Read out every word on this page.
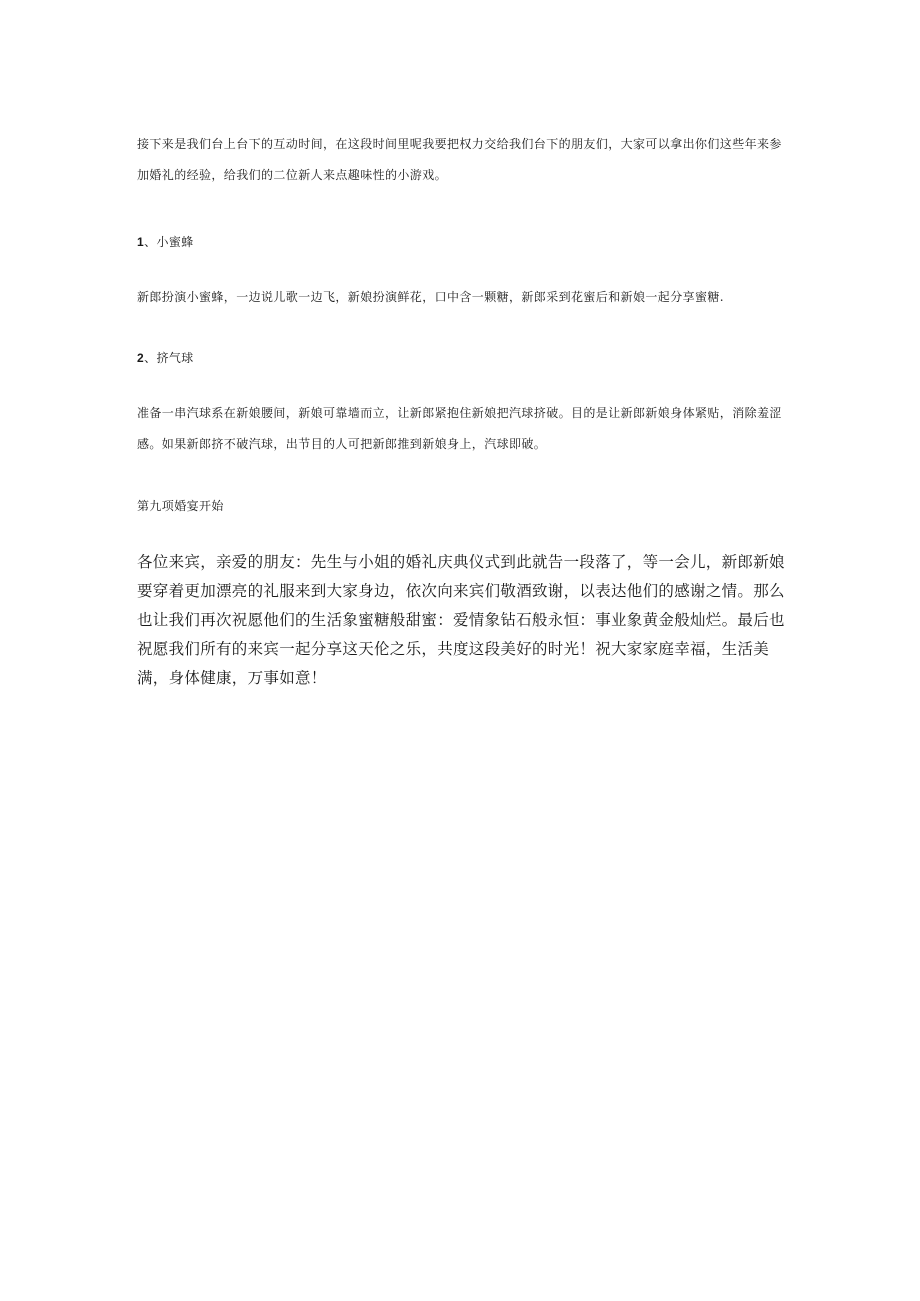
接下来是我们台上台下的互动时间，在这段时间里呢我要把权力交给我们台下的朋友们，大家可以拿出你们这些年来参加婚礼的经验，给我们的二位新人来点趣味性的小游戏。

1、小蜜蜂

新郎扮演小蜜蜂，一边说儿歌一边飞，新娘扮演鲜花，口中含一颗糖，新郎采到花蜜后和新娘一起分享蜜糖.

2、挤气球

准备一串汽球系在新娘腰间，新娘可靠墙而立，让新郎紧抱住新娘把汽球挤破。目的是让新郎新娘身体紧贴，消除羞涩感。如果新郎挤不破汽球，出节目的人可把新郎推到新娘身上，汽球即破。

第九项婚宴开始

各位来宾，亲爱的朋友：先生与小姐的婚礼庆典仪式到此就告一段落了，等一会儿，新郎新娘要穿着更加漂亮的礼服来到大家身边，依次向来宾们敬酒致谢，以表达他们的感谢之情。那么也让我们再次祝愿他们的生活象蜜糖般甜蜜：爱情象钻石般永恒：事业象黄金般灿烂。最后也祝愿我们所有的来宾一起分享这天伦之乐，共度这段美好的时光！祝大家家庭幸福，生活美满，身体健康，万事如意！
